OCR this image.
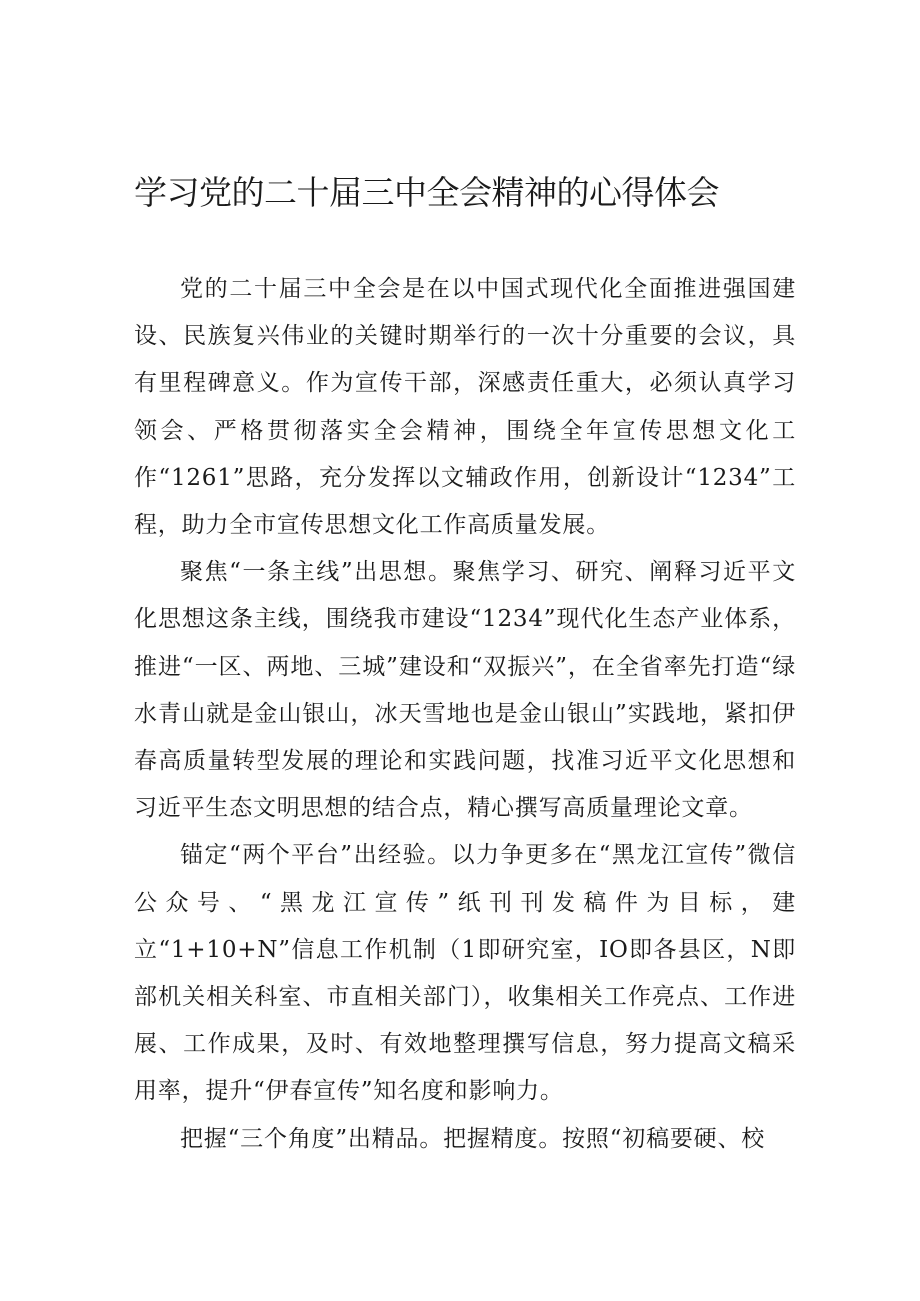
学习党的二十届三中全会精神的心得体会

党的二十届三中全会是在以中国式现代化全面推进强国建设、民族复兴伟业的关键时期举行的一次十分重要的会议，具有里程碑意义。作为宣传干部，深感责任重大，必须认真学习领会、严格贯彻落实全会精神，围绕全年宣传思想文化工作“1261”思路，充分发挥以文辅政作用，创新设计“1234”工程，助力全市宣传思想文化工作高质量发展。

聚焦“一条主线”出思想。聚焦学习、研究、阐释习近平文化思想这条主线，围绕我市建设“1234”现代化生态产业体系，推进“一区、两地、三城”建设和“双振兴”，在全省率先打造“绿水青山就是金山银山，冰天雪地也是金山银山”实践地，紧扣伊春高质量转型发展的理论和实践问题，找准习近平文化思想和习近平生态文明思想的结合点，精心撰写高质量理论文章。

锚定“两个平台”出经验。以力争更多在“黑龙江宣传”微信公众号、“黑龙江宣传”纸刊刊发稿件为目标，建立“1+10+N”信息工作机制（1即研究室，IO即各县区，N即部机关相关科室、市直相关部门），收集相关工作亮点、工作进展、工作成果，及时、有效地整理撰写信息，努力提高文稿采用率，提升“伊春宣传”知名度和影响力。

把握“三个角度”出精品。把握精度。按照“初稿要硬、校
